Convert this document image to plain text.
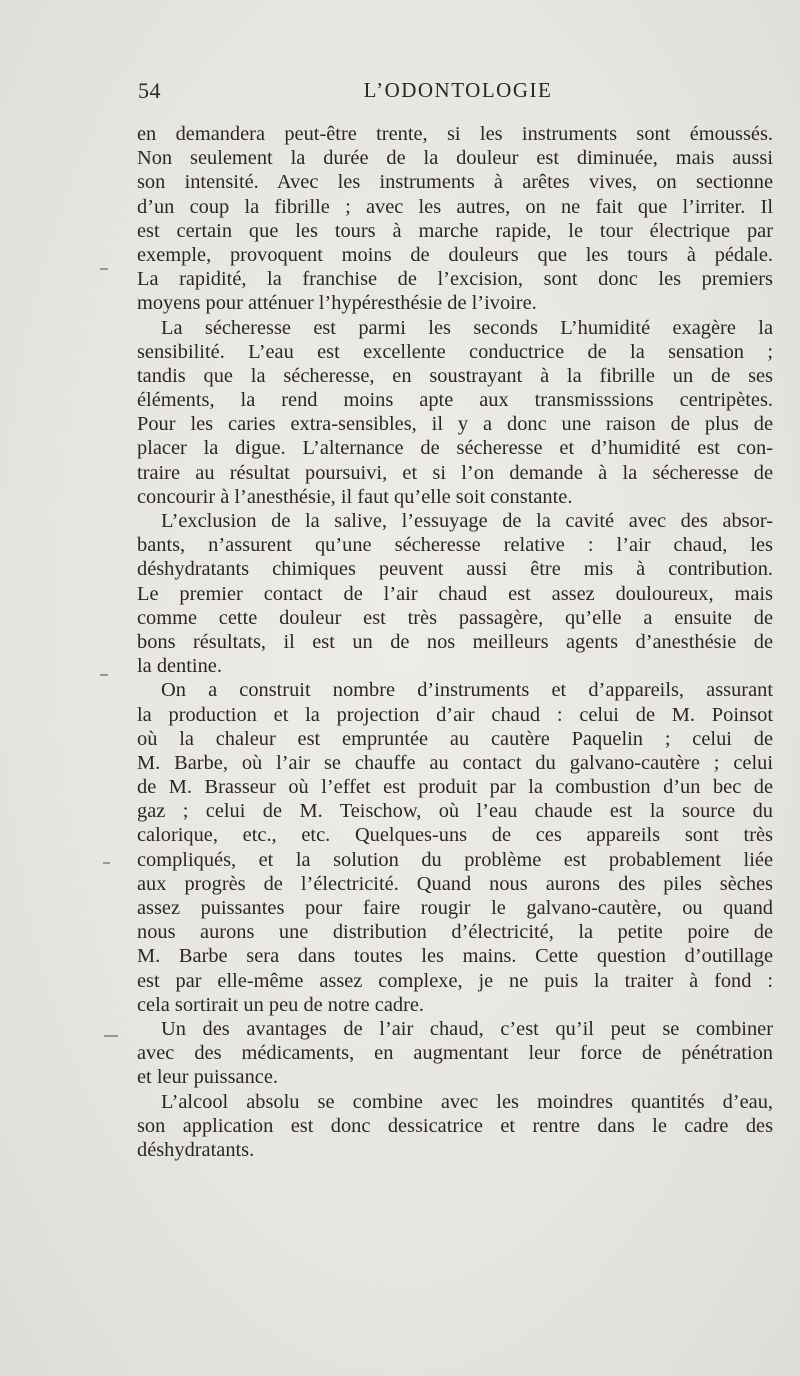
54	L’ODONTOLOGIE
en demandera peut-être trente, si les instruments sont émoussés.
Non seulement la durée de la douleur est diminuée, mais aussi
son intensité. Avec les instruments à arêtes vives, on sectionne
d’un coup la fibrille ; avec les autres, on ne fait que l’irriter. Il
est certain que les tours à marche rapide, le tour électrique par
exemple, provoquent moins de douleurs que les tours à pédale.
La rapidité, la franchise de l’excision, sont donc les premiers
moyens pour atténuer l’hypéresthésie de l’ivoire.
La sécheresse est parmi les seconds L’humidité exagère la
sensibilité. L’eau est excellente conductrice de la sensation ;
tandis que la sécheresse, en soustrayant à la fibrille un de ses
éléments, la rend moins apte aux transmisssions centripètes.
Pour les caries extra-sensibles, il y a donc une raison de plus de
placer la digue. L’alternance de sécheresse et d’humidité est con-
traire au résultat poursuivi, et si l’on demande à la sécheresse de
concourir à l’anesthésie, il faut qu’elle soit constante.
L’exclusion de la salive, l’essuyage de la cavité avec des absor-
bants, n’assurent qu’une sécheresse relative : l’air chaud, les
déshydratants chimiques peuvent aussi être mis à contribution.
Le premier contact de l’air chaud est assez douloureux, mais
comme cette douleur est très passagère, qu’elle a ensuite de
bons résultats, il est un de nos meilleurs agents d’anesthésie de
la dentine.
On a construit nombre d’instruments et d’appareils, assurant
la production et la projection d’air chaud : celui de M. Poinsot
où la chaleur est empruntée au cautère Paquelin ; celui de
M. Barbe, où l’air se chauffe au contact du galvano-cautère ; celui
de M. Brasseur où l’effet est produit par la combustion d’un bec de
gaz ; celui de M. Teischow, où l’eau chaude est la source du
calorique, etc., etc. Quelques-uns de ces appareils sont très
compliqués, et la solution du problème est probablement liée
aux progrès de l’électricité. Quand nous aurons des piles sèches
assez puissantes pour faire rougir le galvano-cautère, ou quand
nous aurons une distribution d’électricité, la petite poire de
M. Barbe sera dans toutes les mains. Cette question d’outillage
est par elle-même assez complexe, je ne puis la traiter à fond :
cela sortirait un peu de notre cadre.
Un des avantages de l’air chaud, c’est qu’il peut se combiner
avec des médicaments, en augmentant leur force de pénétration
et leur puissance.
L’alcool absolu se combine avec les moindres quantités d’eau,
son application est donc dessicatrice et rentre dans le cadre des
déshydratants.
